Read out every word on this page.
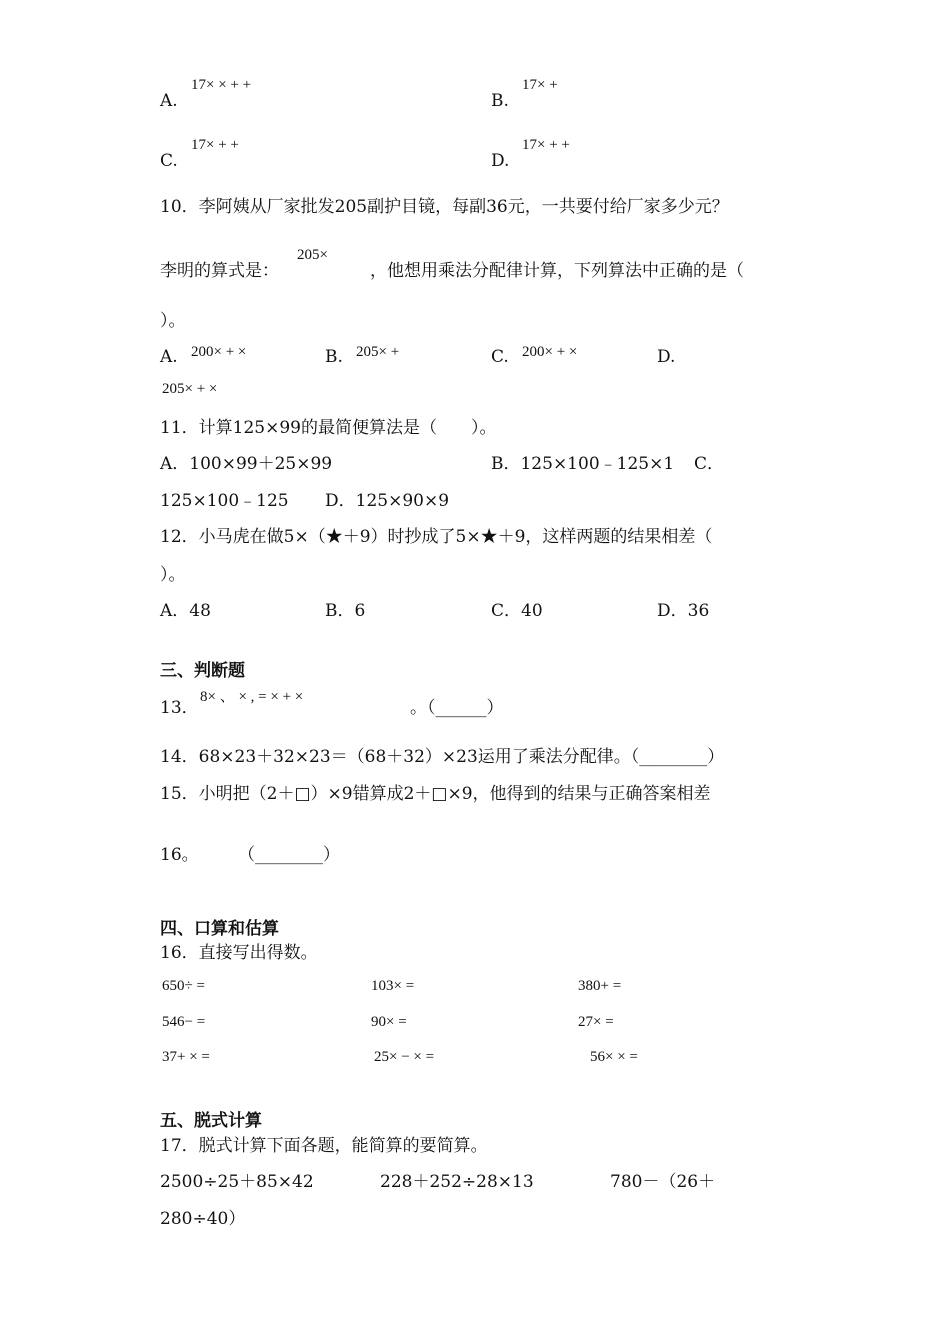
A.
17× × + +
B.
17× +
C.
17× + +
D.
17× + +
10．李阿姨从厂家批发205副护目镜，每副36元，一共要付给厂家多少元？
李明的算式是：
205×
，他想用乘法分配律计算，下列算法中正确的是（
）。
A. 200× + ×	B. 205× +	C. 200× + ×	D.
205× + ×
11．计算125×99的最简便算法是（　　）。
A．100×99＋25×99	B．125×100﹣125×1 C．
125×100﹣125 D．125×90×9
12．小马虎在做5×（★＋9）时抄成了5×★＋9，这样两题的结果相差（
）。
A．48	B．6	C．40	D．36
三、判断题
13．
8× 、 × , = × + ×
。（______）
14．68×23＋32×23＝（68＋32）×23运用了乘法分配律。（________）
15．小明把（2＋□）×9错算成2＋□×9，他得到的结果与正确答案相差
16。 （________）
四、口算和估算
16．直接写出得数。
650÷ =	103× =	380+ =
546− =	90× =	27× =
37+ × =	25× − × =	56× × =
五、脱式计算
17．脱式计算下面各题，能简算的要简算。
2500÷25＋85×42	228＋252÷28×13	780－（26＋
280÷40）
